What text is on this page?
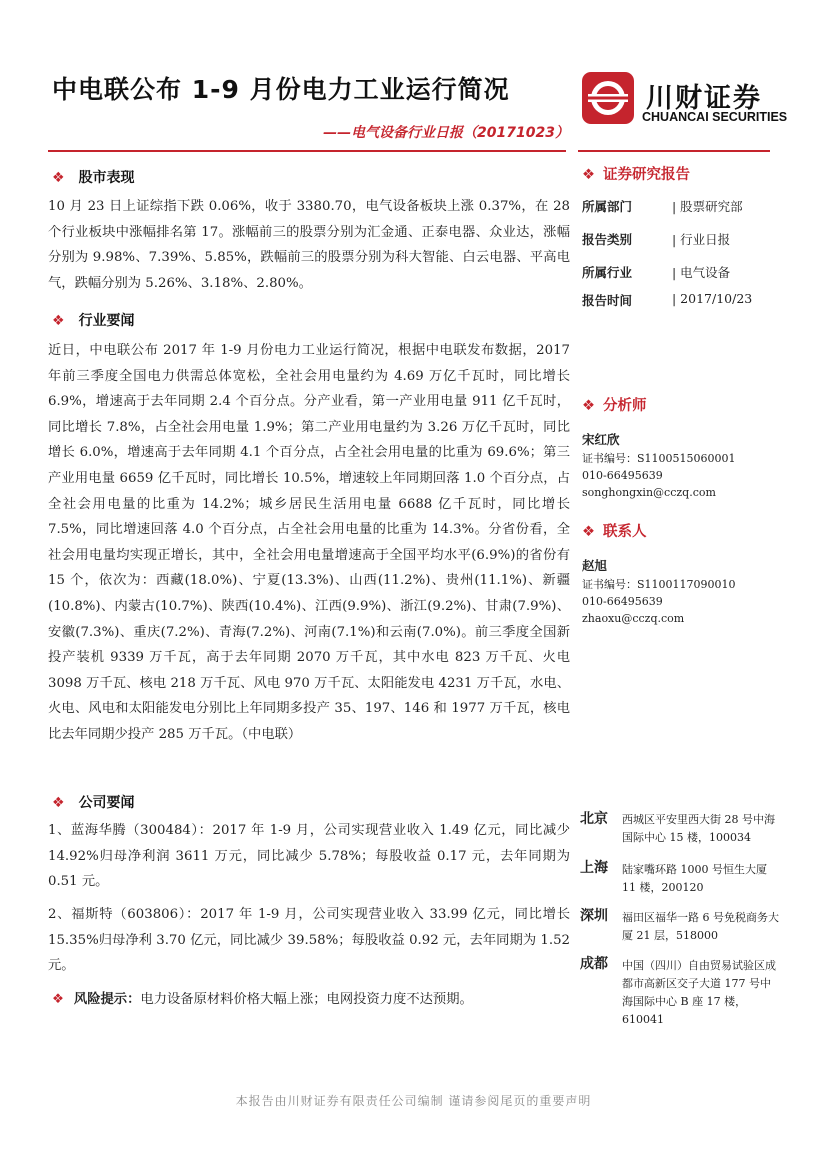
中电联公布 1-9 月份电力工业运行简况
——电气设备行业日报（20171023）
川财证券
CHUANCAI SECURITIES
❖ 股市表现

10 月 23 日上证综指下跌 0.06%，收于 3380.70，电气设备板块上涨 0.37%，在 28 个行业板块中涨幅排名第 17。涨幅前三的股票分别为汇金通、正泰电器、众业达，涨幅分别为 9.98%、7.39%、5.85%，跌幅前三的股票分别为科大智能、白云电器、平高电气，跌幅分别为 5.26%、3.18%、2.80%。

❖ 行业要闻

近日，中电联公布 2017 年 1-9 月份电力工业运行简况，根据中电联发布数据，2017 年前三季度全国电力供需总体宽松，全社会用电量约为 4.69 万亿千瓦时，同比增长 6.9%，增速高于去年同期 2.4 个百分点。分产业看，第一产业用电量 911 亿千瓦时，同比增长 7.8%，占全社会用电量 1.9%；第二产业用电量约为 3.26 万亿千瓦时，同比增长 6.0%，增速高于去年同期 4.1 个百分点，占全社会用电量的比重为 69.6%；第三产业用电量 6659 亿千瓦时，同比增长 10.5%，增速较上年同期回落 1.0 个百分点，占全社会用电量的比重为 14.2%；城乡居民生活用电量 6688 亿千瓦时，同比增长 7.5%，同比增速回落 4.0 个百分点，占全社会用电量的比重为 14.3%。分省份看，全社会用电量均实现正增长，其中，全社会用电量增速高于全国平均水平(6.9%)的省份有 15 个，依次为：西藏(18.0%)、宁夏(13.3%)、山西(11.2%)、贵州(11.1%)、新疆(10.8%)、内蒙古(10.7%)、陕西(10.4%)、江西(9.9%)、浙江(9.2%)、甘肃(7.9%)、安徽(7.3%)、重庆(7.2%)、青海(7.2%)、河南(7.1%)和云南(7.0%)。前三季度全国新投产装机 9339 万千瓦，高于去年同期 2070 万千瓦，其中水电 823 万千瓦、火电 3098 万千瓦、核电 218 万千瓦、风电 970 万千瓦、太阳能发电 4231 万千瓦，水电、火电、风电和太阳能发电分别比上年同期多投产 35、197、146 和 1977 万千瓦，核电比去年同期少投产 285 万千瓦。（中电联）

❖ 公司要闻

1、蓝海华腾（300484）：2017 年 1-9 月，公司实现营业收入 1.49 亿元，同比减少 14.92%归母净利润 3611 万元，同比减少 5.78%；每股收益 0.17 元，去年同期为 0.51 元。

2、福斯特（603806）：2017 年 1-9 月，公司实现营业收入 33.99 亿元，同比增长 15.35%归母净利 3.70 亿元，同比减少 39.58%；每股收益 0.92 元，去年同期为 1.52 元。

❖ 风险提示：电力设备原材料价格大幅上涨；电网投资力度不达预期。
❖ 证券研究报告
所属部门	| 股票研究部
报告类别	| 行业日报
所属行业	| 电气设备
报告时间	| 2017/10/23
❖ 分析师
宋红欣
证书编号：S1100515060001
010-66495639
songhongxin@cczq.com
❖ 联系人
赵旭
证书编号：S1100117090010
010-66495639
zhaoxu@cczq.com
北京 西城区平安里西大街 28 号中海国际中心 15 楼，100034
上海 陆家嘴环路 1000 号恒生大厦 11 楼，200120
深圳 福田区福华一路 6 号免税商务大厦 21 层，518000
成都 中国（四川）自由贸易试验区成都市高新区交子大道 177 号中海国际中心 B 座 17 楼，610041
本报告由川财证券有限责任公司编制 谨请参阅尾页的重要声明
